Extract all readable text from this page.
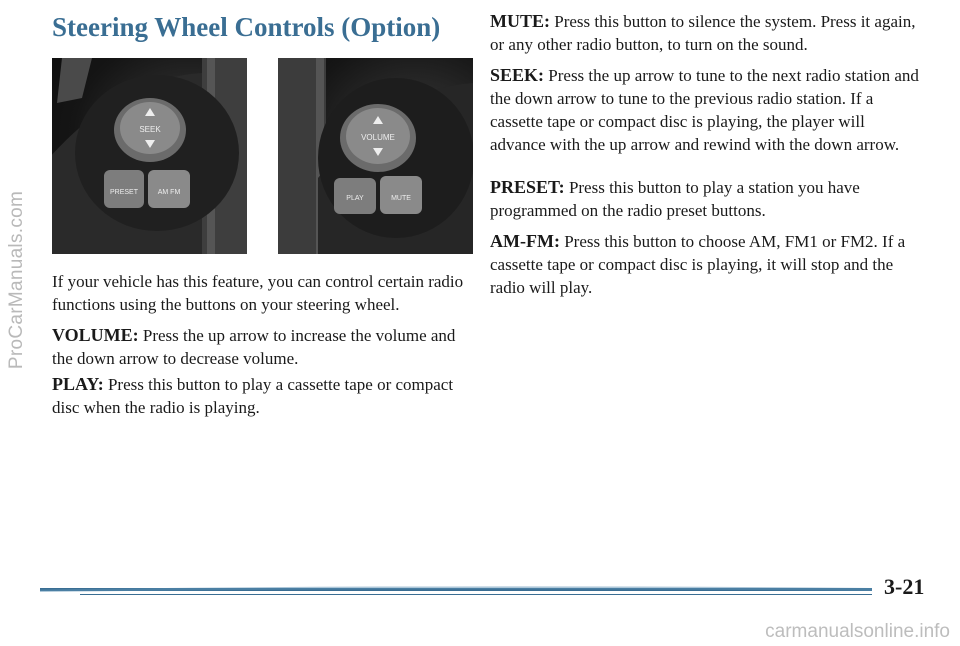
ProCarManuals.com
Steering Wheel Controls (Option)
SEEK
PRESET	AM FM
VOLUME
PLAY	MUTE

If your vehicle has this feature, you can control certain radio functions using the buttons on your steering wheel.

VOLUME: Press the up arrow to increase the volume and the down arrow to decrease volume.

PLAY: Press this button to play a cassette tape or compact disc when the radio is playing.

MUTE: Press this button to silence the system. Press it again, or any other radio button, to turn on the sound.

SEEK: Press the up arrow to tune to the next radio station and the down arrow to tune to the previous radio station. If a cassette tape or compact disc is playing, the player will advance with the up arrow and rewind with the down arrow.

PRESET: Press this button to play a station you have programmed on the radio preset buttons.

AM-FM: Press this button to choose AM, FM1 or FM2. If a cassette tape or compact disc is playing, it will stop and the radio will play.

3-21
carmanualsonline.info
